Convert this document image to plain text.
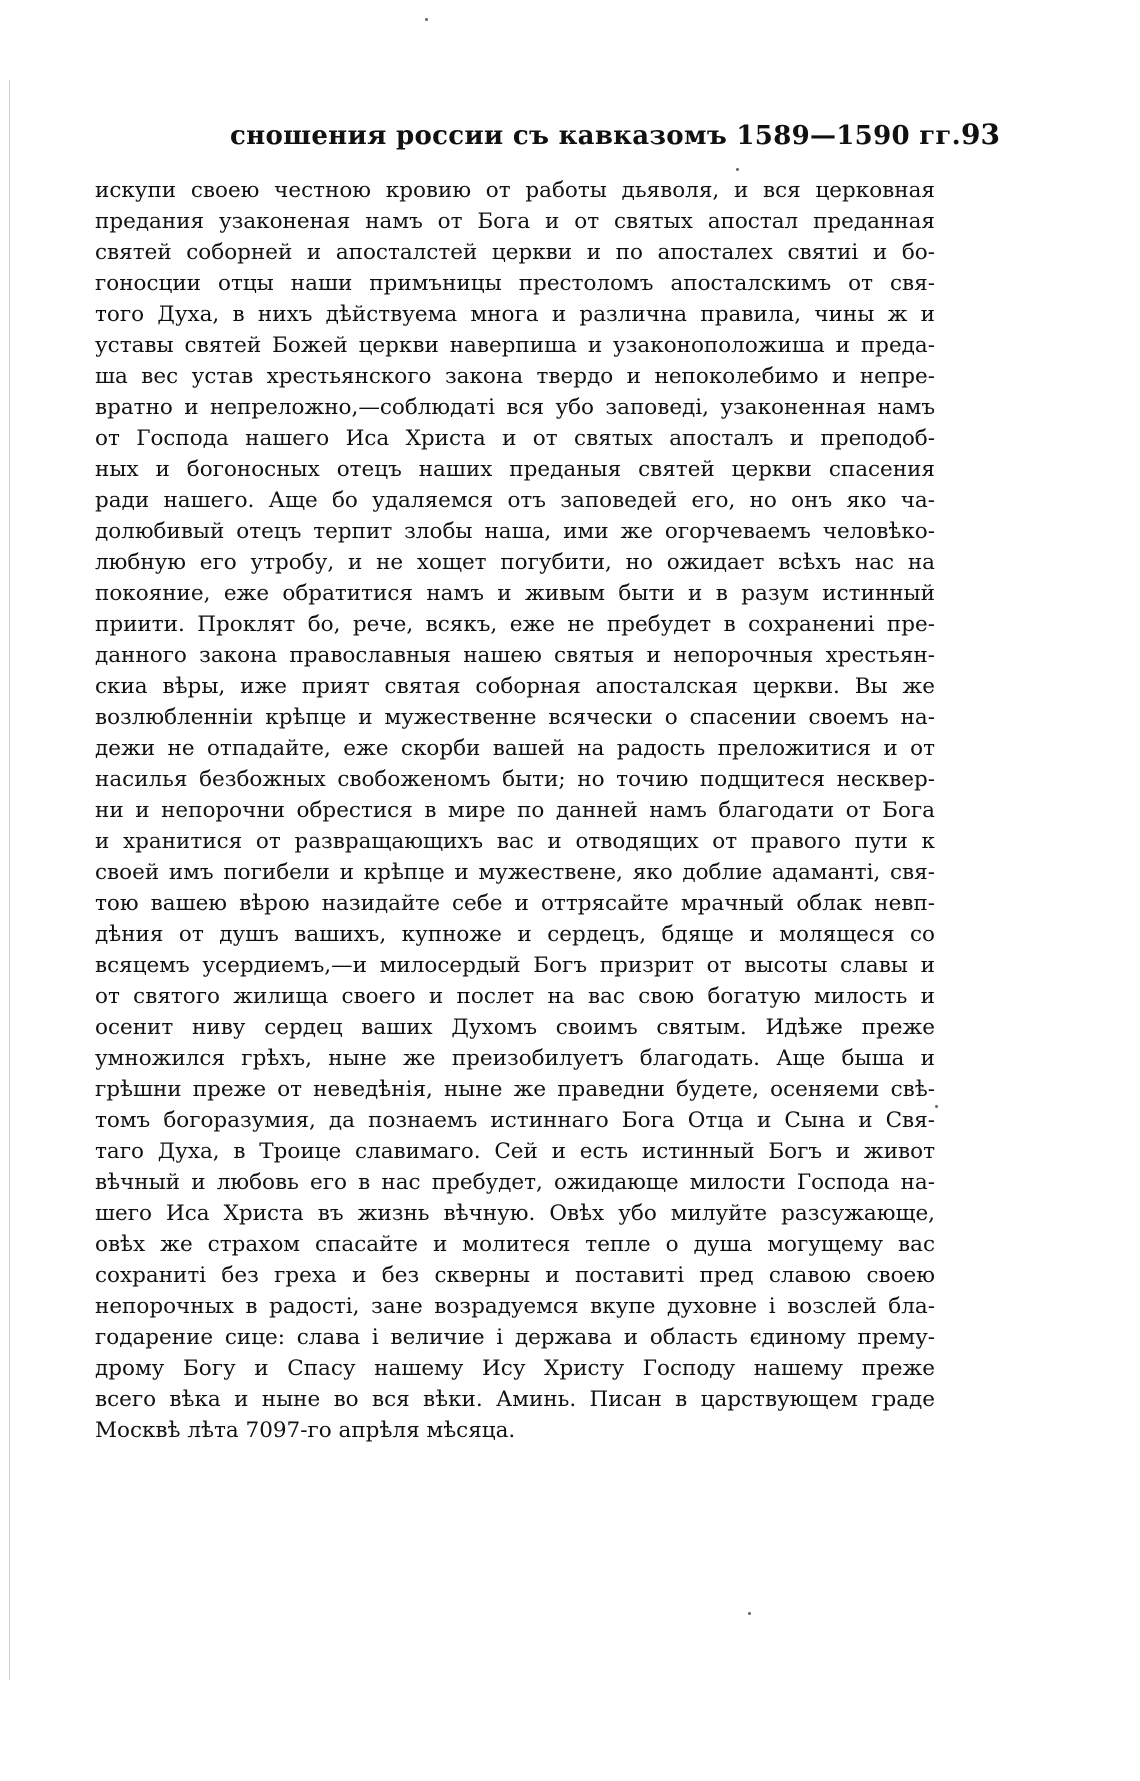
сношения россии съ кавказомъ 1589—1590 гг. 93
искупи своею честною кровию от работы дьяволя, и вся церковная
предания узаконеная намъ от Бога и от святых апостал преданная
святей соборней и апосталстей церкви и по апосталех святиі и бо-
гоносции отцы наши примъницы престоломъ апосталскимъ от свя-
того Духа, в нихъ дѣйствуема многа и различна правила, чины ж и
уставы святей Божей церкви наверпиша и узаконоположиша и преда-
ша вес устав хрестьянского закона твердо и непоколебимо и непре-
вратно и непреложно,—соблюдаті вся убо заповеді, узаконенная намъ
от Господа нашего Иса Христа и от святых апосталъ и преподоб-
ных и богоносных отецъ наших преданыя святей церкви спасения
ради нашего. Аще бо удаляемся отъ заповедей его, но онъ яко ча-
долюбивый отецъ терпит злобы наша, ими же огорчеваемъ человѣко-
любную его утробу, и не хощет погубити, но ожидает всѣхъ нас на
покояние, еже обратитися намъ и живым быти и в разум истинный
приити. Проклят бо, рече, всякъ, еже не пребудет в сохранениі пре-
данного закона православныя нашею святыя и непорочныя хрестьян-
скиа вѣры, иже прият святая соборная апосталская церкви. Вы же
возлюбленніи крѣпце и мужественне всячески о спасении своемъ на-
дежи не отпадайте, еже скорби вашей на радость преложитися и от
насилья безбожных свобоженомъ быти; но точию подщитеся несквер-
ни и непорочни обрестися в мире по данней намъ благодати от Бога
и хранитися от развращающихъ вас и отводящих от правого пути к
своей имъ погибели и крѣпце и мужествене, яко доблие адаманті, свя-
тою вашею вѣрою назидайте себе и оттрясайте мрачный облак невп-
дѣния от душъ вашихъ, купноже и сердецъ, бдяще и молящеся со
всяцемъ усердиемъ,—и милосердый Богъ призрит от высоты славы и
от святого жилища своего и послет на вас свою богатую милость и
осенит ниву сердец ваших Духомъ своимъ святым. Идѣже преже
умножился грѣхъ, ныне же преизобилуетъ благодать. Аще быша и
грѣшни преже от неведѣнія, ныне же праведни будете, осеняеми свѣ-
томъ богоразумия, да познаемъ истиннаго Бога Отца и Сына и Свя-
таго Духа, в Троице славимаго. Сей и есть истинный Богъ и живот
вѣчный и любовь его в нас пребудет, ожидающе милости Господа на-
шего Иса Христа въ жизнь вѣчную. Овѣх убо милуйте разсужающе,
овѣх же страхом спасайте и молитеся тепле о душа могущему вас
сохраниті без греха и без скверны и поставиті пред славою своею
непорочных в радості, зане возрадуемся вкупе духовне і возслей бла-
годарение сице: слава і величие і держава и область єдиному прему-
дрому Богу и Спасу нашему Ису Христу Господу нашему преже
всего вѣка и ныне во вся вѣки. Аминь. Писан в царствующем граде
Москвѣ лѣта 7097-го апрѣля мѣсяца.
